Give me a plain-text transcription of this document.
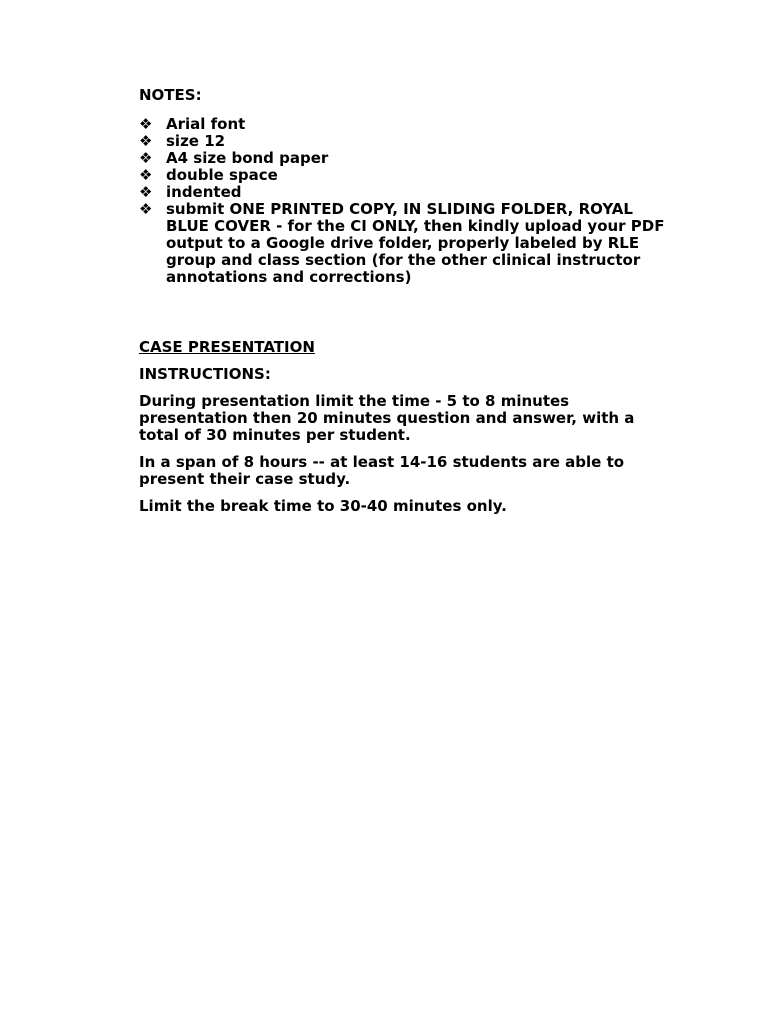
NOTES:

❖ Arial font
❖ size 12
❖ A4 size bond paper
❖ double space
❖ indented
❖ submit ONE PRINTED COPY, IN SLIDING FOLDER, ROYAL BLUE COVER - for the CI ONLY, then kindly upload your PDF output to a Google drive folder, properly labeled by RLE group and class section (for the other clinical instructor annotations and corrections)

CASE PRESENTATION

INSTRUCTIONS:

During presentation limit the time - 5 to 8 minutes presentation then 20 minutes question and answer, with a total of 30 minutes per student.

In a span of 8 hours -- at least 14-16 students are able to present their case study.

Limit the break time to 30-40 minutes only.
